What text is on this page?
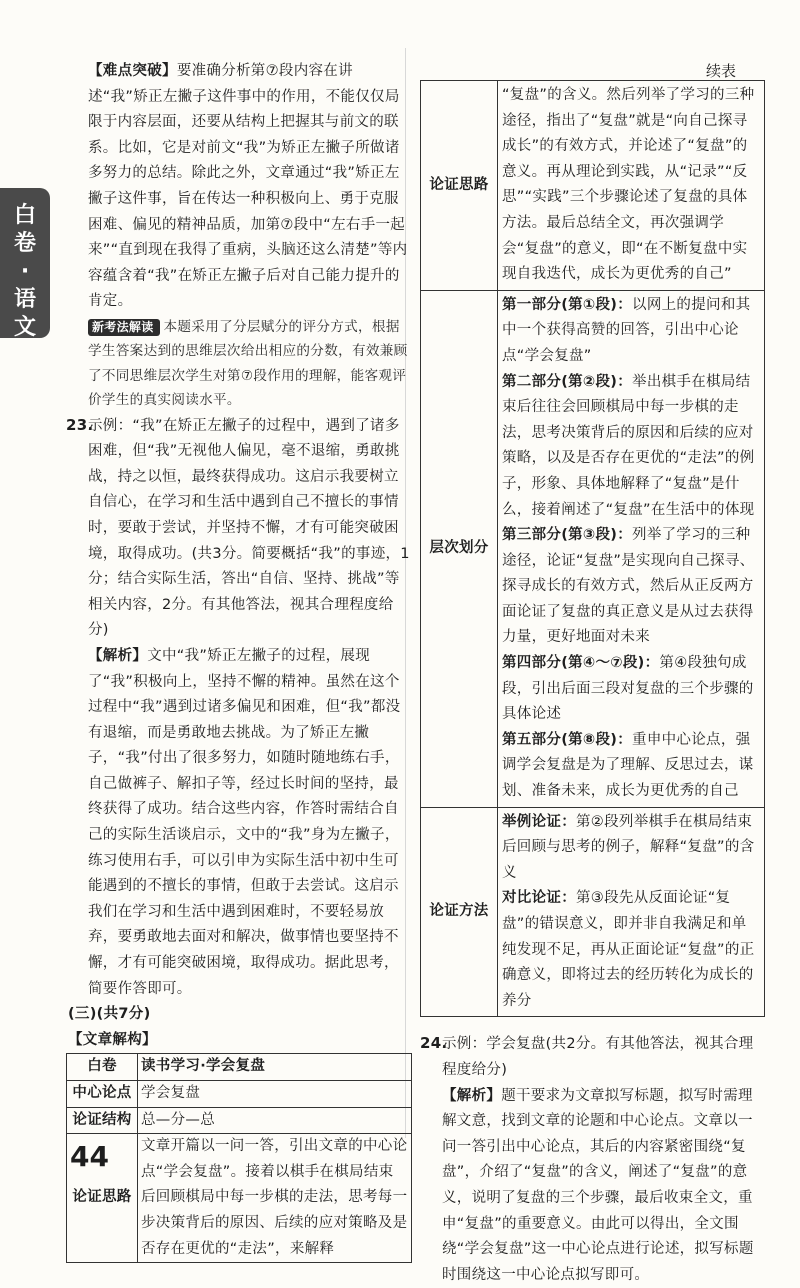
白卷·语文
续表
【难点突破】要准确分析第⑦段内容在讲述“我”矫正左撇子这件事中的作用，不能仅仅局限于内容层面，还要从结构上把握其与前文的联系。比如，它是对前文“我”为矫正左撇子所做诸多努力的总结。除此之外，文章通过“我”矫正左撇子这件事，旨在传达一种积极向上、勇于克服困难、偏见的精神品质，加第⑦段中“左右手一起来”“直到现在我得了重病，头脑还这么清楚”等内容蕴含着“我”在矫正左撇子后对自己能力提升的肯定。
新考法解读 本题采用了分层赋分的评分方式，根据学生答案达到的思维层次给出相应的分数，有效兼顾了不同思维层次学生对第⑦段作用的理解，能客观评价学生的真实阅读水平。
23.示例：“我”在矫正左撇子的过程中，遇到了诸多困难，但“我”无视他人偏见，毫不退缩，勇敢挑战，持之以恒，最终获得成功。这启示我要树立自信心，在学习和生活中遇到自己不擅长的事情时，要敢于尝试，并坚持不懈，才有可能突破困境，取得成功。(共3分。简要概括“我”的事迹，1分；结合实际生活，答出“自信、坚持、挑战”等相关内容，2分。有其他答法，视其合理程度给分)
【解析】文中“我”矫正左撇子的过程，展现了“我”积极向上，坚持不懈的精神。虽然在这个过程中“我”遇到过诸多偏见和困难，但“我”都没有退缩，而是勇敢地去挑战。为了矫正左撇子，“我”付出了很多努力，如随时随地练右手，自己做裤子、解扣子等，经过长时间的坚持，最终获得了成功。结合这些内容，作答时需结合自己的实际生活谈启示，文中的“我”身为左撇子，练习使用右手，可以引申为实际生活中初中生可能遇到的不擅长的事情，但敢于去尝试。这启示我们在学习和生活中遇到困难时，不要轻易放弃，要勇敢地去面对和解决，做事情也要坚持不懈，才有可能突破困境，取得成功。据此思考，简要作答即可。
(三)(共7分)
【文章解构】
白卷	读书学习·学会复盘
中心论点	学会复盘
论证结构	总—分—总
论证思路	文章开篇以一问一答，引出文章的中心论点“学会复盘”。接着以棋手在棋局结束后回顾棋局中每一步棋的走法，思考每一步决策背后的原因、后续的应对策略及是否存在更优的“走法”，来解释
论证思路	“复盘”的含义。然后列举了学习的三种途径，指出了“复盘”就是“向自己探寻成长”的有效方式，并论述了“复盘”的意义。再从理论到实践，从“记录”“反思”“实践”三个步骤论述了复盘的具体方法。最后总结全文，再次强调学会“复盘”的意义，即“在不断复盘中实现自我迭代，成长为更优秀的自己”
层次划分	第一部分(第①段)：以网上的提问和其中一个获得高赞的回答，引出中心论点“学会复盘”
第二部分(第②段)：举出棋手在棋局结束后往往会回顾棋局中每一步棋的走法，思考决策背后的原因和后续的应对策略，以及是否存在更优的“走法”的例子，形象、具体地解释了“复盘”是什么，接着阐述了“复盘”在生活中的体现
第三部分(第③段)：列举了学习的三种途径，论证“复盘”是实现向自己探寻、探寻成长的有效方式，然后从正反两方面论证了复盘的真正意义是从过去获得力量，更好地面对未来
第四部分(第④～⑦段)：第④段独句成段，引出后面三段对复盘的三个步骤的具体论述
第五部分(第⑧段)：重申中心论点，强调学会复盘是为了理解、反思过去，谋划、准备未来，成长为更优秀的自己

论证方法	举例论证：第②段列举棋手在棋局结束后回顾与思考的例子，解释“复盘”的含义
对比论证：第③段先从反面论证“复盘”的错误意义，即并非自我满足和单纯发现不足，再从正面论证“复盘”的正确意义，即将过去的经历转化为成长的养分
24.示例：学会复盘(共2分。有其他答法，视其合理程度给分)
【解析】题干要求为文章拟写标题，拟写时需理解文意，找到文章的论题和中心论点。文章以一问一答引出中心论点，其后的内容紧密围绕“复盘”，介绍了“复盘”的含义，阐述了“复盘”的意义，说明了复盘的三个步骤，最后收束全文，重申“复盘”的重要意义。由此可以得出，全文围绕“学会复盘”这一中心论点进行论述，拟写标题时围绕这一中心论点拟写即可。
44
